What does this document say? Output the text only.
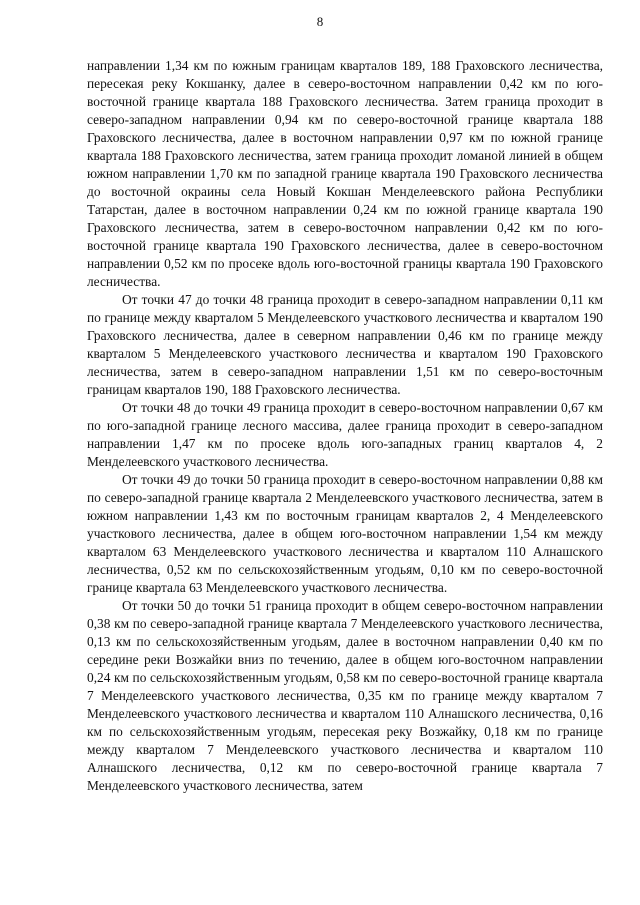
8

направлении 1,34 км по южным границам кварталов 189, 188 Граховского лесничества, пересекая реку Кокшанку, далее в северо-восточном направлении 0,42 км по юго-восточной границе квартала 188 Граховского лесничества. Затем граница проходит в северо-западном направлении 0,94 км по северо-восточной границе квартала 188 Граховского лесничества, далее в восточном направлении 0,97 км по южной границе квартала 188 Граховского лесничества, затем граница проходит ломаной линией в общем южном направлении 1,70 км по западной границе квартала 190 Граховского лесничества до восточной окраины села Новый Кокшан Менделеевского района Республики Татарстан, далее в восточном направлении 0,24 км по южной границе квартала 190 Граховского лесничества, затем в северо-восточном направлении 0,42 км по юго-восточной границе квартала 190 Граховского лесничества, далее в северо-восточном направлении 0,52 км по просеке вдоль юго-восточной границы квартала 190 Граховского лесничества.

От точки 47 до точки 48 граница проходит в северо-западном направлении 0,11 км по границе между кварталом 5 Менделеевского участкового лесничества и кварталом 190 Граховского лесничества, далее в северном направлении 0,46 км по границе между кварталом 5 Менделеевского участкового лесничества и кварталом 190 Граховского лесничества, затем в северо-западном направлении 1,51 км по северо-восточным границам кварталов 190, 188 Граховского лесничества.

От точки 48 до точки 49 граница проходит в северо-восточном направлении 0,67 км по юго-западной границе лесного массива, далее граница проходит в северо-западном направлении 1,47 км по просеке вдоль юго-западных границ кварталов 4, 2 Менделеевского участкового лесничества.

От точки 49 до точки 50 граница проходит в северо-восточном направлении 0,88 км по северо-западной границе квартала 2 Менделеевского участкового лесничества, затем в южном направлении 1,43 км по восточным границам кварталов 2, 4 Менделеевского участкового лесничества, далее в общем юго-восточном направлении 1,54 км между кварталом 63 Менделеевского участкового лесничества и кварталом 110 Алнашского лесничества, 0,52 км по сельскохозяйственным угодьям, 0,10 км по северо-восточной границе квартала 63 Менделеевского участкового лесничества.

От точки 50 до точки 51 граница проходит в общем северо-восточном направлении 0,38 км по северо-западной границе квартала 7 Менделеевского участкового лесничества, 0,13 км по сельскохозяйственным угодьям, далее в восточном направлении 0,40 км по середине реки Возжайки вниз по течению, далее в общем юго-восточном направлении 0,24 км по сельскохозяйственным угодьям, 0,58 км по северо-восточной границе квартала 7 Менделеевского участкового лесничества, 0,35 км по границе между кварталом 7 Менделеевского участкового лесничества и кварталом 110 Алнашского лесничества, 0,16 км по сельскохозяйственным угодьям, пересекая реку Возжайку, 0,18 км по границе между кварталом 7 Менделеевского участкового лесничества и кварталом 110 Алнашского лесничества, 0,12 км по северо-восточной границе квартала 7 Менделеевского участкового лесничества, затем
